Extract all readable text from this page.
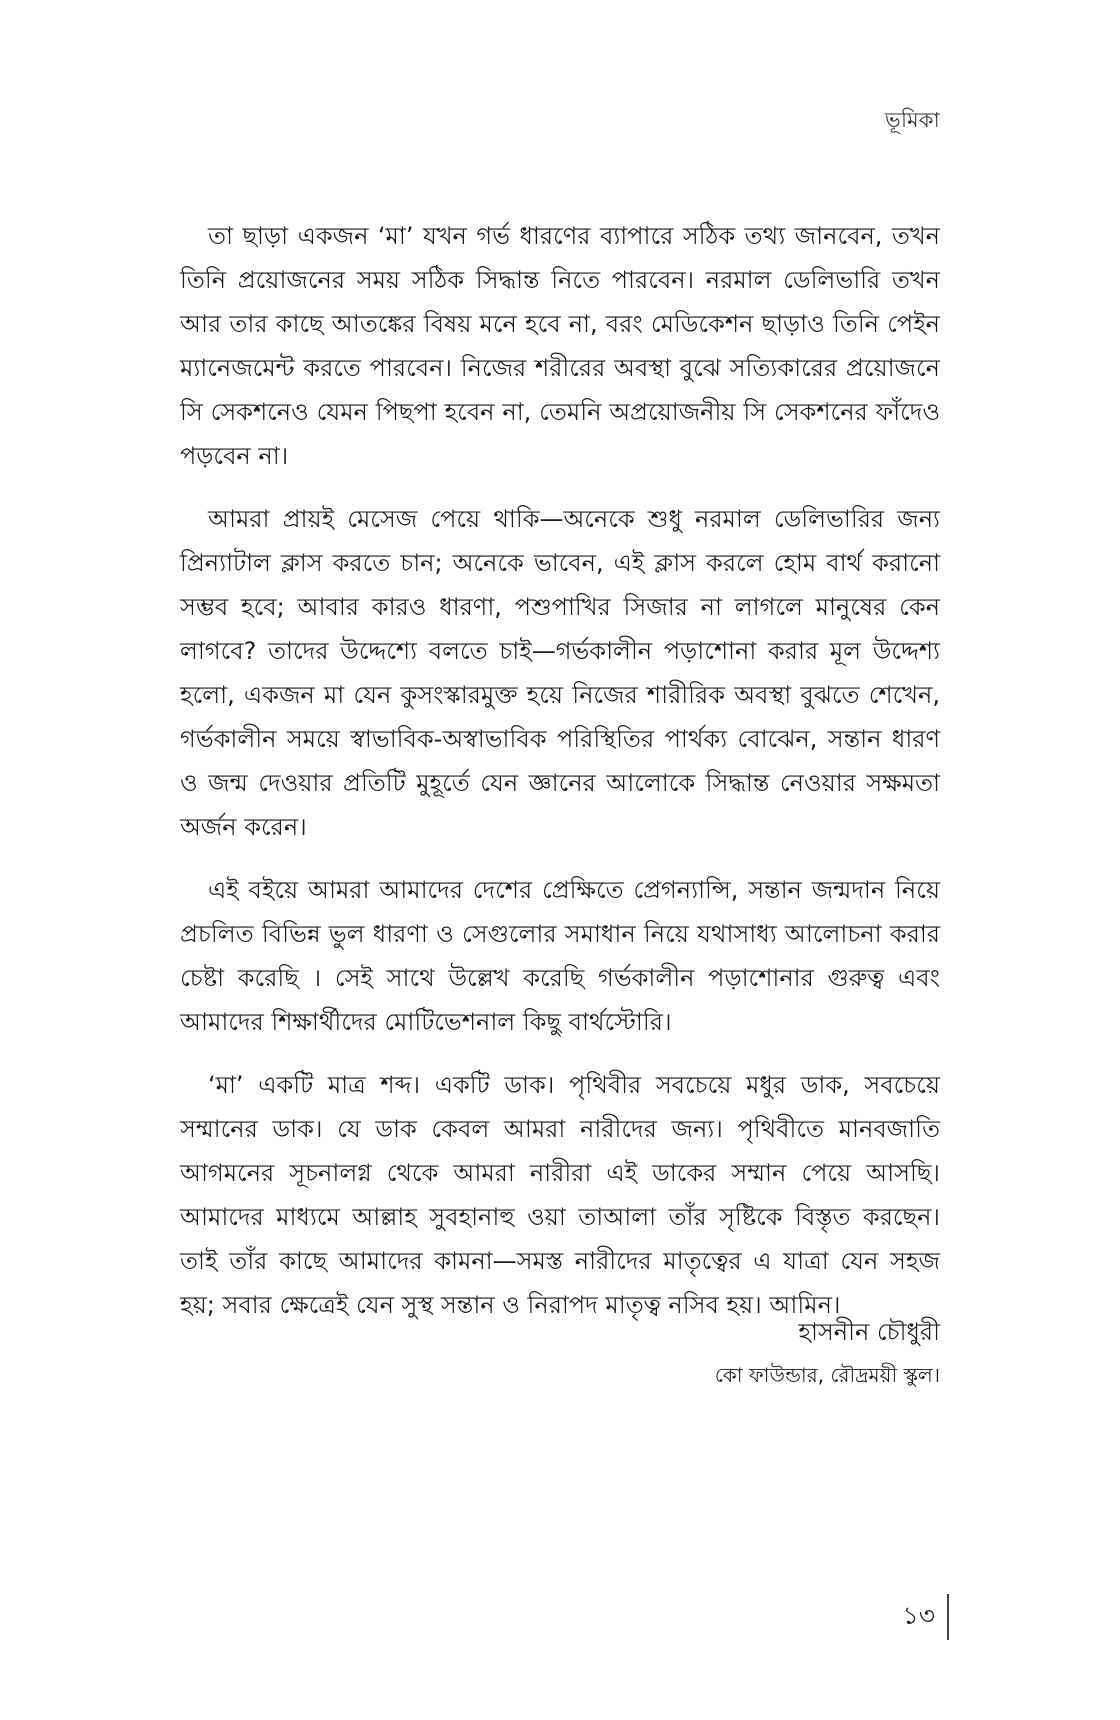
ভূমিকা

তা ছাড়া একজন ‘মা’ যখন গর্ভ ধারণের ব্যাপারে সঠিক তথ্য জানবেন, তখন তিনি প্রয়োজনের সময় সঠিক সিদ্ধান্ত নিতে পারবেন। নরমাল ডেলিভারি তখন আর তার কাছে আতঙ্কের বিষয় মনে হবে না, বরং মেডিকেশন ছাড়াও তিনি পেইন ম্যানেজমেন্ট করতে পারবেন। নিজের শরীরের অবস্থা বুঝে সত্যিকারের প্রয়োজনে সি সেকশনেও যেমন পিছপা হবেন না, তেমনি অপ্রয়োজনীয় সি সেকশনের ফাঁদেও পড়বেন না।

আমরা প্রায়ই মেসেজ পেয়ে থাকি—অনেকে শুধু নরমাল ডেলিভারির জন্য প্রিন্যাটাল ক্লাস করতে চান; অনেকে ভাবেন, এই ক্লাস করলে হোম বার্থ করানো সম্ভব হবে; আবার কারও ধারণা, পশুপাখির সিজার না লাগলে মানুষের কেন লাগবে? তাদের উদ্দেশ্যে বলতে চাই—গর্ভকালীন পড়াশোনা করার মূল উদ্দেশ্য হলো, একজন মা যেন কুসংস্কারমুক্ত হয়ে নিজের শারীরিক অবস্থা বুঝতে শেখেন, গর্ভকালীন সময়ে স্বাভাবিক-অস্বাভাবিক পরিস্থিতির পার্থক্য বোঝেন, সন্তান ধারণ ও জন্ম দেওয়ার প্রতিটি মুহূর্তে যেন জ্ঞানের আলোকে সিদ্ধান্ত নেওয়ার সক্ষমতা অর্জন করেন।

এই বইয়ে আমরা আমাদের দেশের প্রেক্ষিতে প্রেগন্যান্সি, সন্তান জন্মদান নিয়ে প্রচলিত বিভিন্ন ভুল ধারণা ও সেগুলোর সমাধান নিয়ে যথাসাধ্য আলোচনা করার চেষ্টা করেছি । সেই সাথে উল্লেখ করেছি গর্ভকালীন পড়াশোনার গুরুত্ব এবং আমাদের শিক্ষার্থীদের মোটিভেশনাল কিছু বার্থস্টোরি।

‘মা’ একটি মাত্র শব্দ। একটি ডাক। পৃথিবীর সবচেয়ে মধুর ডাক, সবচেয়ে সম্মানের ডাক। যে ডাক কেবল আমরা নারীদের জন্য। পৃথিবীতে মানবজাতি আগমনের সূচনালগ্ন থেকে আমরা নারীরা এই ডাকের সম্মান পেয়ে আসছি। আমাদের মাধ্যমে আল্লাহ সুবহানাহু ওয়া তাআলা তাঁর সৃষ্টিকে বিস্তৃত করছেন। তাই তাঁর কাছে আমাদের কামনা—সমস্ত নারীদের মাতৃত্বের এ যাত্রা যেন সহজ হয়; সবার ক্ষেত্রেই যেন সুস্থ সন্তান ও নিরাপদ মাতৃত্ব নসিব হয়। আমিন।

হাসনীন চৌধুরী
কো ফাউন্ডার, রৌদ্রময়ী স্কুল।
১৩
